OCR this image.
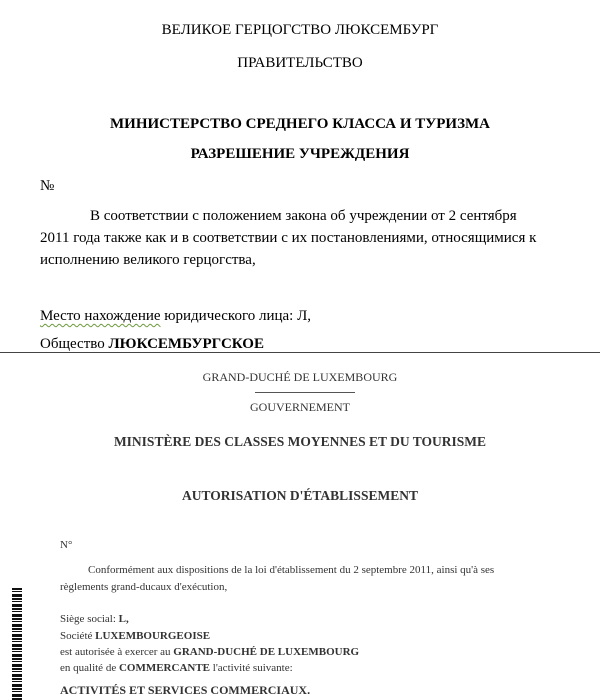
ВЕЛИКОЕ ГЕРЦОГСТВО ЛЮКСЕМБУРГ
ПРАВИТЕЛЬСТВО
МИНИСТЕРСТВО СРЕДНЕГО КЛАССА И ТУРИЗМА
РАЗРЕШЕНИЕ УЧРЕЖДЕНИЯ
№
В соответствии с положением закона об учреждении от 2 сентября
2011 года также как и в соответствии с их постановлениями, относящимися к
исполнению великого герцогства,
Место нахождение юридического лица: Л,
Общество ЛЮКСЕМБУРГСКОЕ
GRAND-DUCHÉ DE LUXEMBOURG
GOUVERNEMENT
MINISTÈRE DES CLASSES MOYENNES ET DU TOURISME
AUTORISATION D'ÉTABLISSEMENT
N°
Conformément aux dispositions de la loi d'établissement du 2 septembre 2011, ainsi qu'à ses
règlements grand-ducaux d'exécution,
Siège social: L,
Société LUXEMBOURGEOISE
est autorisée à exercer au GRAND-DUCHÉ DE LUXEMBOURG
en qualité de COMMERCANTE l'activité suivante:
ACTIVITÉS ET SERVICES COMMERCIAUX.
